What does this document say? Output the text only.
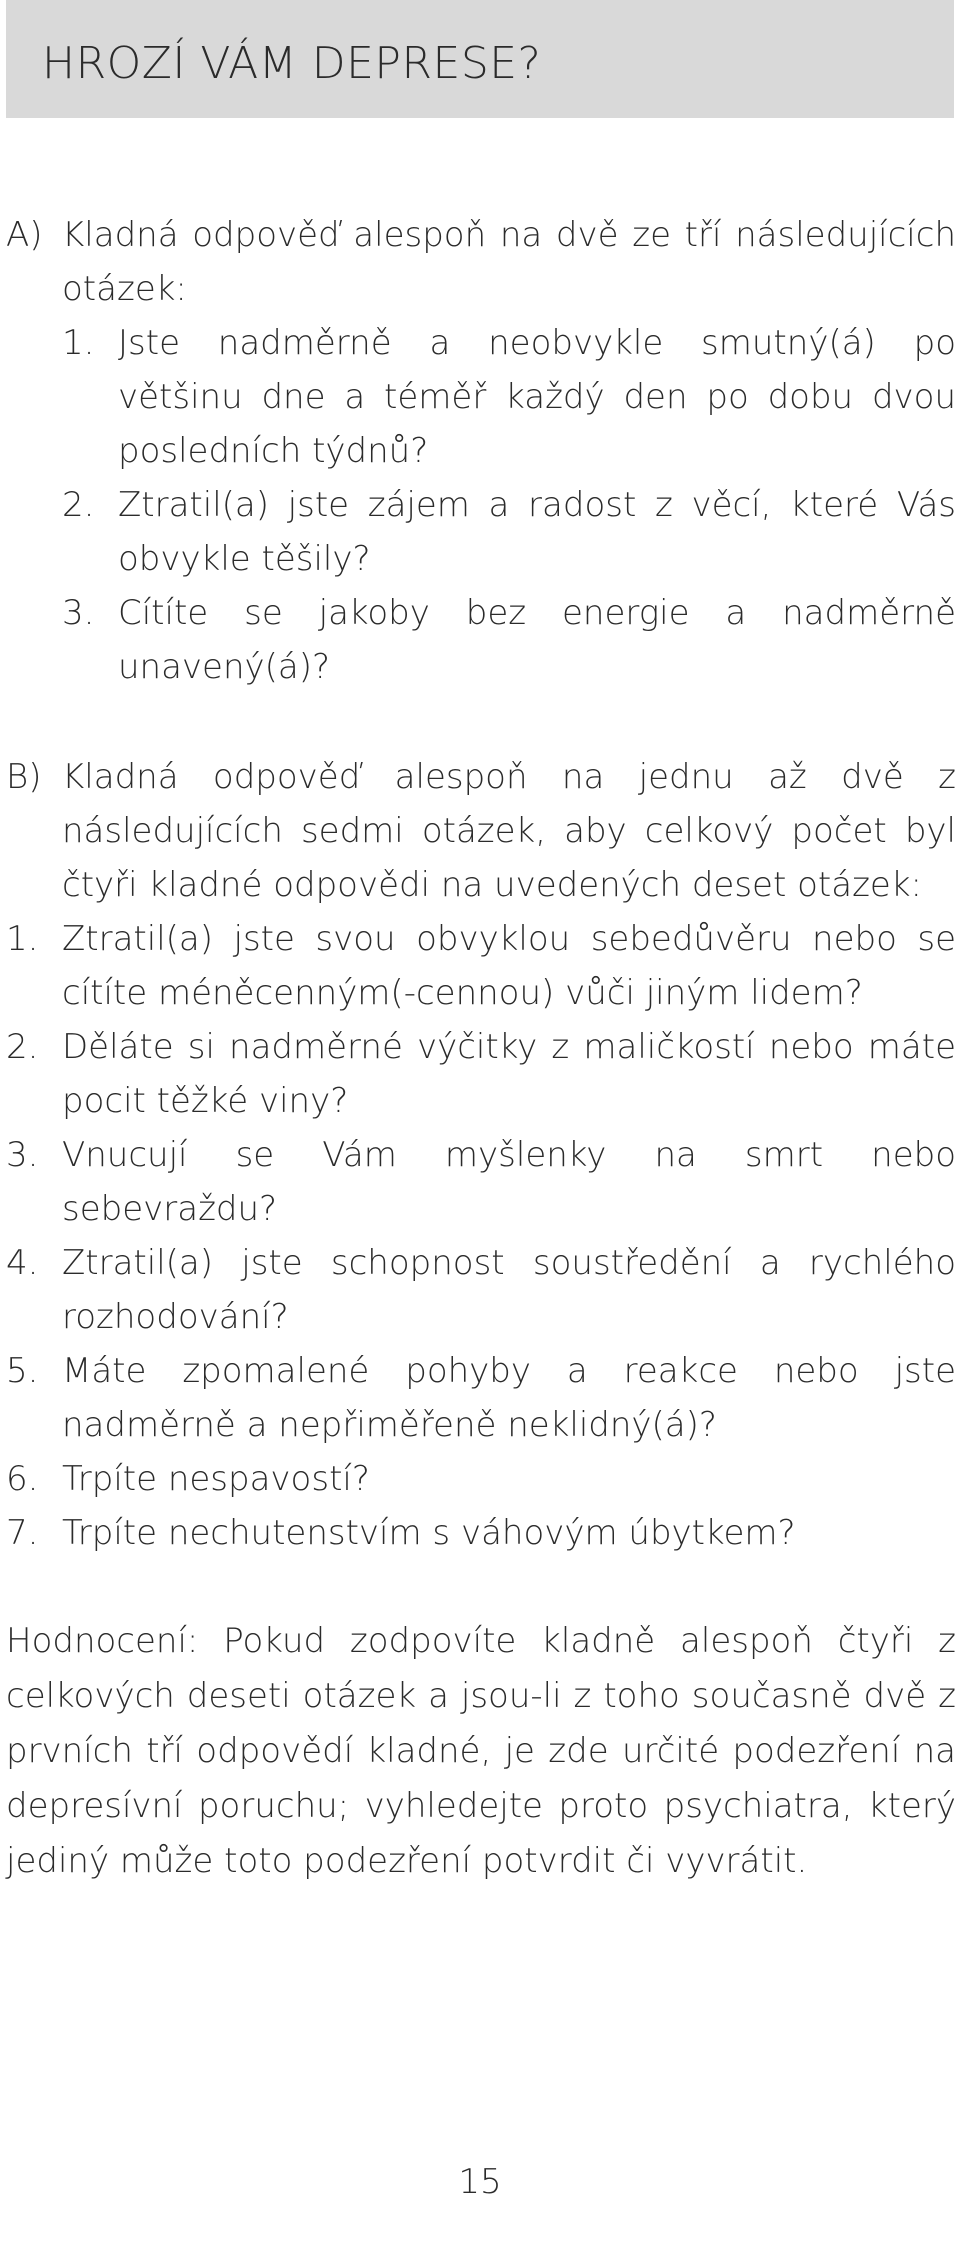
HROZÍ VÁM DEPRESE?
A) Kladná odpověď alespoň na dvě ze tří následujících otázek:
1. Jste nadměrně a neobvykle smutný(á) po většinu dne a téměř každý den po dobu dvou posledních týdnů?
2. Ztratil(a) jste zájem a radost z věcí, které Vás obvykle těšily?
3. Cítíte se jakoby bez energie a nadměrně unavený(á)?
B) Kladná odpověď alespoň na jednu až dvě z následujících sedmi otázek, aby celkový počet byl čtyři kladné odpovědi na uvedených deset otázek:
1. Ztratil(a) jste svou obvyklou sebedůvěru nebo se cítíte méněcenným(-cennou) vůči jiným lidem?
2. Děláte si nadměrné výčitky z maličkostí nebo máte pocit těžké viny?
3. Vnucují se Vám myšlenky na smrt nebo sebevraždu?
4. Ztratil(a) jste schopnost soustředění a rychlého rozhodování?
5. Máte zpomalené pohyby a reakce nebo jste nadměrně a nepřiměřeně neklidný(á)?
6. Trpíte nespavostí?
7. Trpíte nechutenstvím s váhovým úbytkem?

Hodnocení: Pokud zodpovíte kladně alespoň čtyři z celkových deseti otázek a jsou-li z toho současně dvě z prvních tří odpovědí kladné, je zde určité podezření na depresívní poruchu; vyhledejte proto psychiatra, který jediný může toto podezření potvrdit či vyvrátit.

15
